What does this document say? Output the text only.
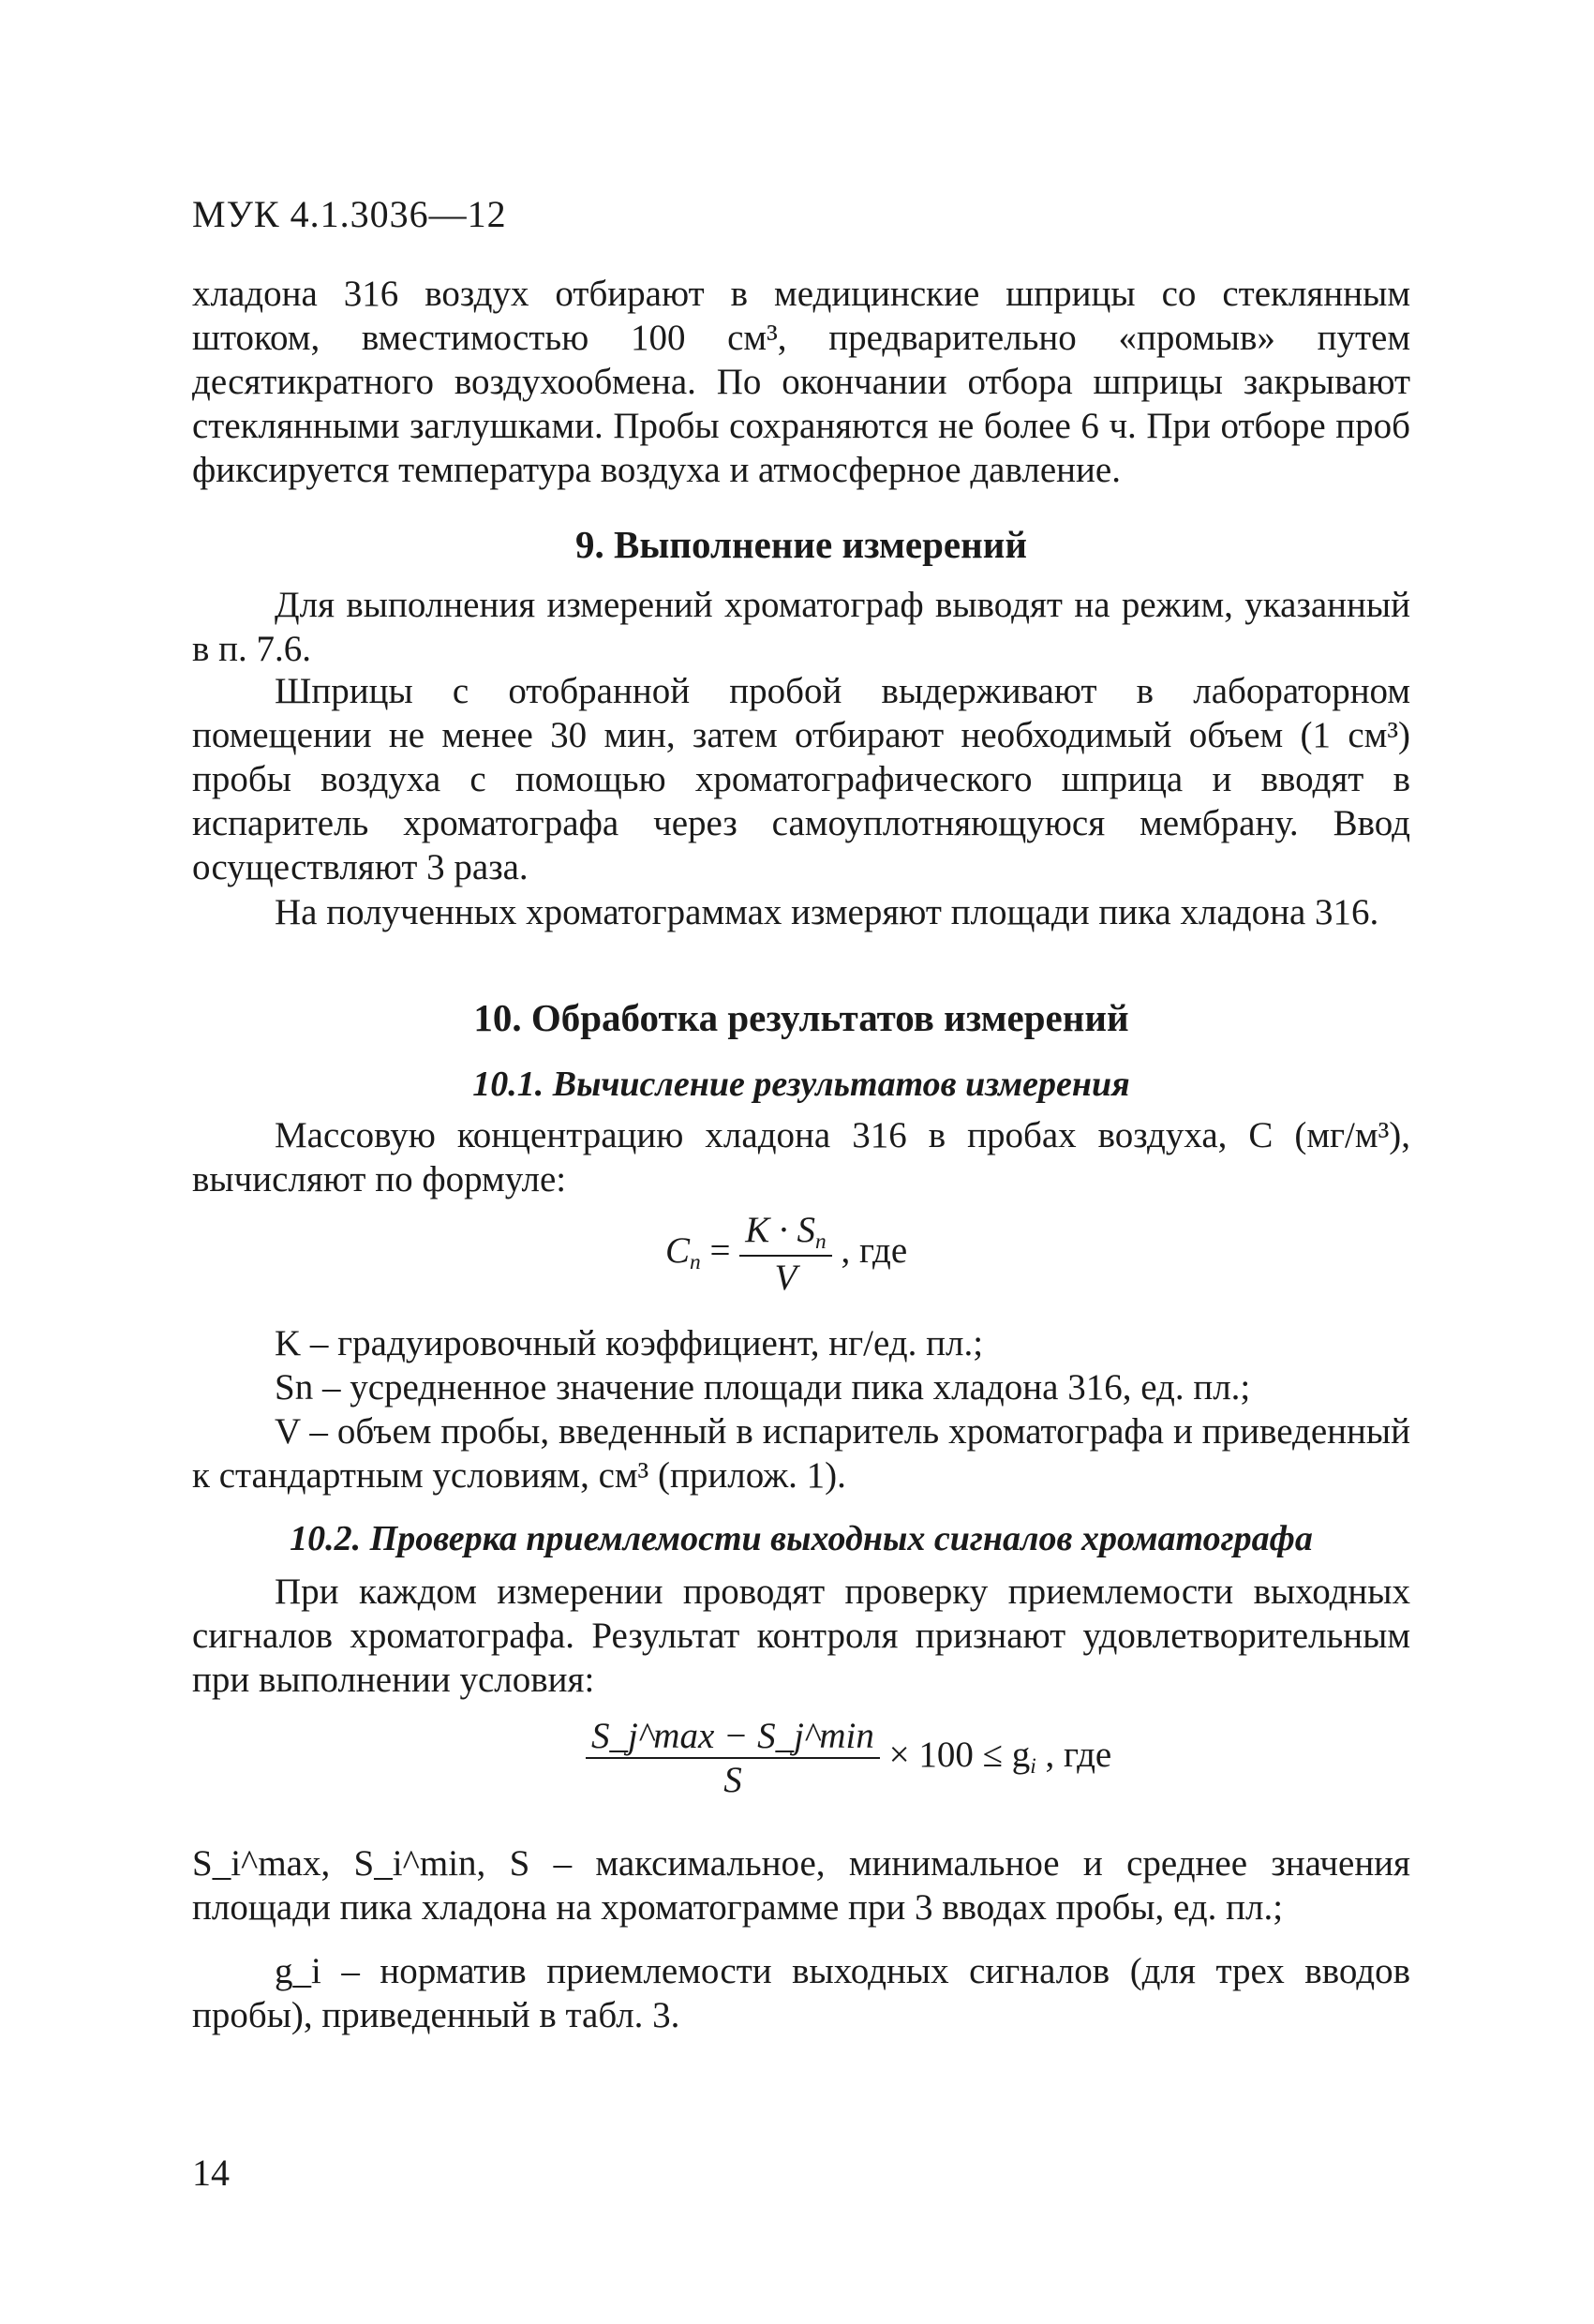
МУК 4.1.3036—12

хладона 316 воздух отбирают в медицинские шприцы со стеклянным штоком, вместимостью 100 см³, предварительно «промыв» путем десятикратного воздухообмена. По окончании отбора шприцы закрывают стеклянными заглушками. Пробы сохраняются не более 6 ч. При отборе проб фиксируется температура воздуха и атмосферное давление.

9. Выполнение измерений

Для выполнения измерений хроматограф выводят на режим, указанный в п. 7.6.

Шприцы с отобранной пробой выдерживают в лабораторном помещении не менее 30 мин, затем отбирают необходимый объем (1 см³) пробы воздуха с помощью хроматографического шприца и вводят в испаритель хроматографа через самоуплотняющуюся мембрану. Ввод осуществляют 3 раза.

На полученных хроматограммах измеряют площади пика хладона 316.

10. Обработка результатов измерений
10.1. Вычисление результатов измерения

Массовую концентрацию хладона 316 в пробах воздуха, С (мг/м³), вычисляют по формуле:

$C_n = \frac{K \cdot S_n}{V}$ , где

K – градуировочный коэффициент, нг/ед. пл.;

Sn – усредненное значение площади пика хладона 316, ед. пл.;

V – объем пробы, введенный в испаритель хроматографа и приведенный к стандартным условиям, см³ (прилож. 1).

10.2. Проверка приемлемости выходных сигналов хроматографа

При каждом измерении проводят проверку приемлемости выходных сигналов хроматографа. Результат контроля признают удовлетворительным при выполнении условия:

$\frac{S\_j\^{}\max - S\_j\^{}\min}{S} \times 100 \le g_i$ , где

S_i^max, S_i^min, S – максимальное, минимальное и среднее значения площади пика хладона на хроматограмме при 3 вводах пробы, ед. пл.;

g_i – норматив приемлемости выходных сигналов (для трех вводов пробы), приведенный в табл. 3.

14
